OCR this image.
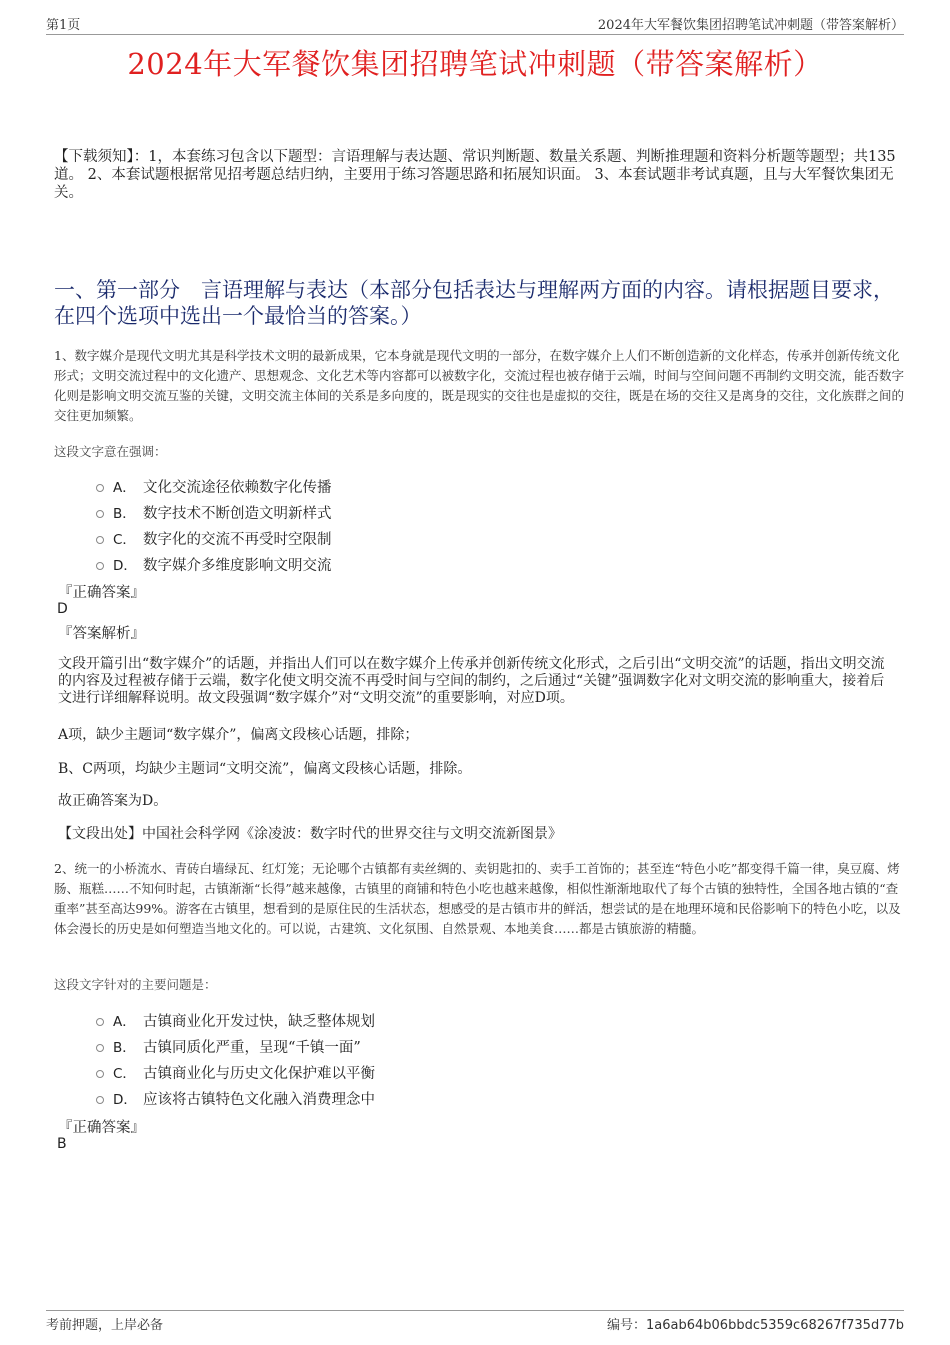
第1页	2024年大军餐饮集团招聘笔试冲刺题（带答案解析）
2024年大军餐饮集团招聘笔试冲刺题（带答案解析）
【下载须知】：1，本套练习包含以下题型：言语理解与表达题、常识判断题、数量关系题、判断推理题和资料分析题等题型；共135道。 2、本套试题根据常见招考题总结归纳，主要用于练习答题思路和拓展知识面。 3、本套试题非考试真题，且与大军餐饮集团无关。
一、第一部分　言语理解与表达（本部分包括表达与理解两方面的内容。请根据题目要求，在四个选项中选出一个最恰当的答案。）
1、数字媒介是现代文明尤其是科学技术文明的最新成果，它本身就是现代文明的一部分，在数字媒介上人们不断创造新的文化样态，传承并创新传统文化形式；文明交流过程中的文化遗产、思想观念、文化艺术等内容都可以被数字化，交流过程也被存储于云端，时间与空间问题不再制约文明交流，能否数字化则是影响文明交流互鉴的关键，文明交流主体间的关系是多向度的，既是现实的交往也是虚拟的交往，既是在场的交往又是离身的交往，文化族群之间的交往更加频繁。
这段文字意在强调：
A． 文化交流途径依赖数字化传播
B． 数字技术不断创造文明新样式
C． 数字化的交流不再受时空限制
D． 数字媒介多维度影响文明交流
『正确答案』
D
『答案解析』
文段开篇引出“数字媒介”的话题，并指出人们可以在数字媒介上传承并创新传统文化形式，之后引出“文明交流”的话题，指出文明交流的内容及过程被存储于云端，数字化使文明交流不再受时间与空间的制约，之后通过“关键”强调数字化对文明交流的影响重大，接着后文进行详细解释说明。故文段强调“数字媒介”对“文明交流”的重要影响，对应D项。
A项，缺少主题词“数字媒介”，偏离文段核心话题，排除；
B、C两项，均缺少主题词“文明交流”，偏离文段核心话题，排除。
故正确答案为D。
【文段出处】中国社会科学网《涂凌波：数字时代的世界交往与文明交流新图景》
2、统一的小桥流水、青砖白墙绿瓦、红灯笼；无论哪个古镇都有卖丝绸的、卖钥匙扣的、卖手工首饰的；甚至连“特色小吃”都变得千篇一律，臭豆腐、烤肠、瓶糕……不知何时起，古镇渐渐“长得”越来越像，古镇里的商铺和特色小吃也越来越像，相似性渐渐地取代了每个古镇的独特性，全国各地古镇的“查重率”甚至高达99%。游客在古镇里，想看到的是原住民的生活状态，想感受的是古镇市井的鲜活，想尝试的是在地理环境和民俗影响下的特色小吃，以及体会漫长的历史是如何塑造当地文化的。可以说，古建筑、文化氛围、自然景观、本地美食……都是古镇旅游的精髓。
这段文字针对的主要问题是：
A． 古镇商业化开发过快，缺乏整体规划
B． 古镇同质化严重，呈现“千镇一面”
C． 古镇商业化与历史文化保护难以平衡
D． 应该将古镇特色文化融入消费理念中
『正确答案』
B
考前押题，上岸必备	编号：1a6ab64b06bbdc5359c68267f735d77b
